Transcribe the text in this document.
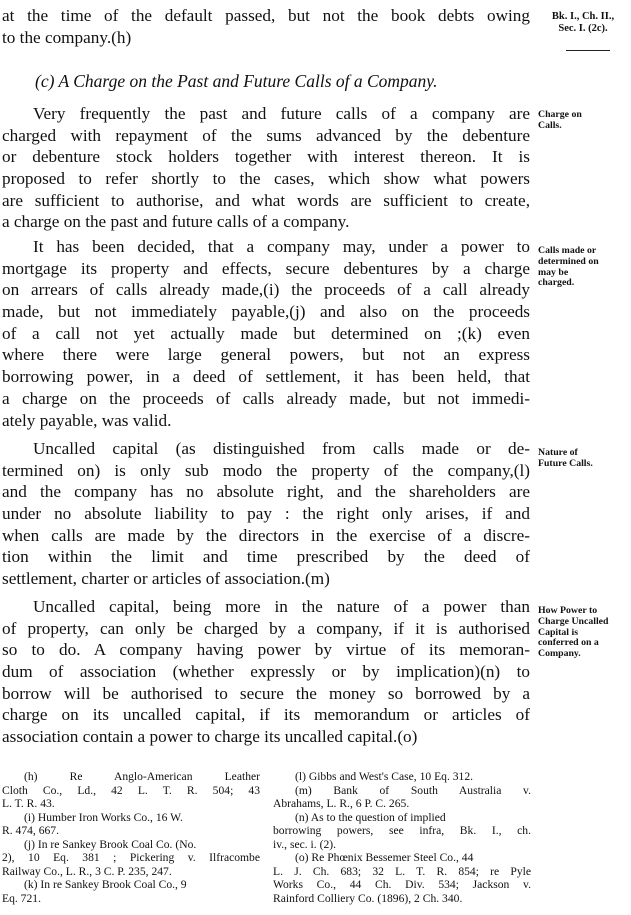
at the time of the default passed, but not the book debts owing
to the company.(h)
Bk. I., Ch. II.,
Sec. I. (2c).
(c) A Charge on the Past and Future Calls of a Company.
Very frequently the past and future calls of a company are
charged with repayment of the sums advanced by the debenture
or debenture stock holders together with interest thereon. It is
proposed to refer shortly to the cases, which show what powers
are sufficient to authorise, and what words are sufficient to create,
a charge on the past and future calls of a company.
Charge on
Calls.
It has been decided, that a company may, under a power to
mortgage its property and effects, secure debentures by a charge
on arrears of calls already made,(i) the proceeds of a call already
made, but not immediately payable,(j) and also on the proceeds
of a call not yet actually made but determined on ;(k) even
where there were large general powers, but not an express
borrowing power, in a deed of settlement, it has been held, that
a charge on the proceeds of calls already made, but not immedi-
ately payable, was valid.
Calls made or
determined on
may be
charged.
Uncalled capital (as distinguished from calls made or de-
termined on) is only sub modo the property of the company,(l)
and the company has no absolute right, and the shareholders are
under no absolute liability to pay : the right only arises, if and
when calls are made by the directors in the exercise of a discre-
tion within the limit and time prescribed by the deed of
settlement, charter or articles of association.(m)
Nature of
Future Calls.
Uncalled capital, being more in the nature of a power than
of property, can only be charged by a company, if it is authorised
so to do. A company having power by virtue of its memoran-
dum of association (whether expressly or by implication)(n) to
borrow will be authorised to secure the money so borrowed by a
charge on its uncalled capital, if its memorandum or articles of
association contain a power to charge its uncalled capital.(o)
How Power to
Charge Uncalled
Capital is
conferred on a
Company.
(h) Re Anglo-American Leather
Cloth Co., Ld., 42 L. T. R. 504; 43
L. T. R. 43.
(i) Humber Iron Works Co., 16 W.
R. 474, 667.
(j) In re Sankey Brook Coal Co. (No.
2), 10 Eq. 381 ; Pickering v. Ilfracombe
Railway Co., L. R., 3 C. P. 235, 247.
(k) In re Sankey Brook Coal Co., 9
Eq. 721.
(l) Gibbs and West's Case, 10 Eq. 312.
(m) Bank of South Australia v.
Abrahams, L. R., 6 P. C. 265.
(n) As to the question of implied
borrowing powers, see infra, Bk. I., ch.
iv., sec. i. (2).
(o) Re Phœnix Bessemer Steel Co., 44
L. J. Ch. 683; 32 L. T. R. 854; re Pyle
Works Co., 44 Ch. Div. 534; Jackson v.
Rainford Colliery Co. (1896), 2 Ch. 340.
